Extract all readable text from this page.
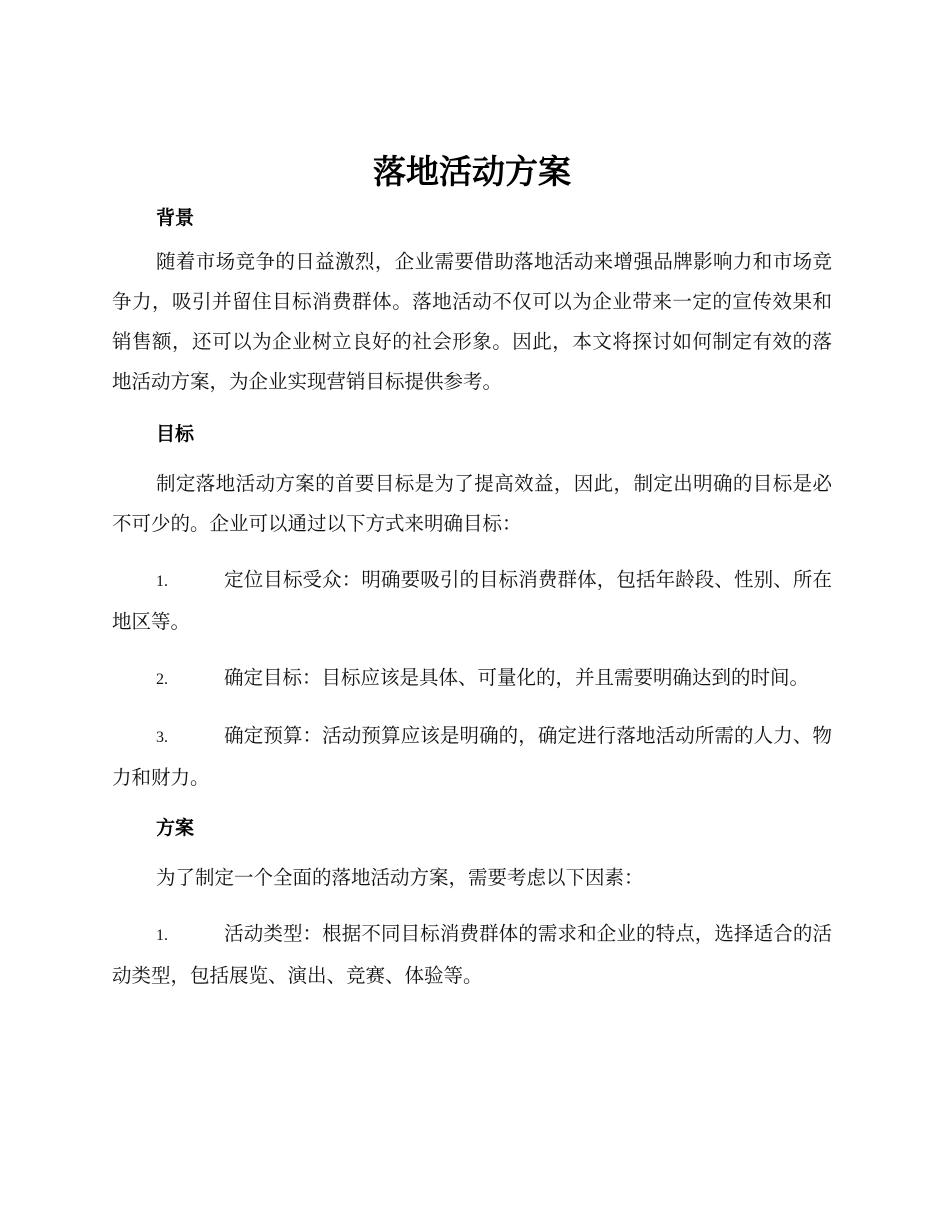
落地活动方案
背景

随着市场竞争的日益激烈，企业需要借助落地活动来增强品牌影响力和市场竞争力，吸引并留住目标消费群体。落地活动不仅可以为企业带来一定的宣传效果和销售额，还可以为企业树立良好的社会形象。因此，本文将探讨如何制定有效的落地活动方案，为企业实现营销目标提供参考。

目标

制定落地活动方案的首要目标是为了提高效益，因此，制定出明确的目标是必不可少的。企业可以通过以下方式来明确目标：

1.	定位目标受众：明确要吸引的目标消费群体，包括年龄段、性别、所在地区等。

2.	确定目标：目标应该是具体、可量化的，并且需要明确达到的时间。

3.	确定预算：活动预算应该是明确的，确定进行落地活动所需的人力、物力和财力。

方案

为了制定一个全面的落地活动方案，需要考虑以下因素：

1.	活动类型：根据不同目标消费群体的需求和企业的特点，选择适合的活动类型，包括展览、演出、竞赛、体验等。
